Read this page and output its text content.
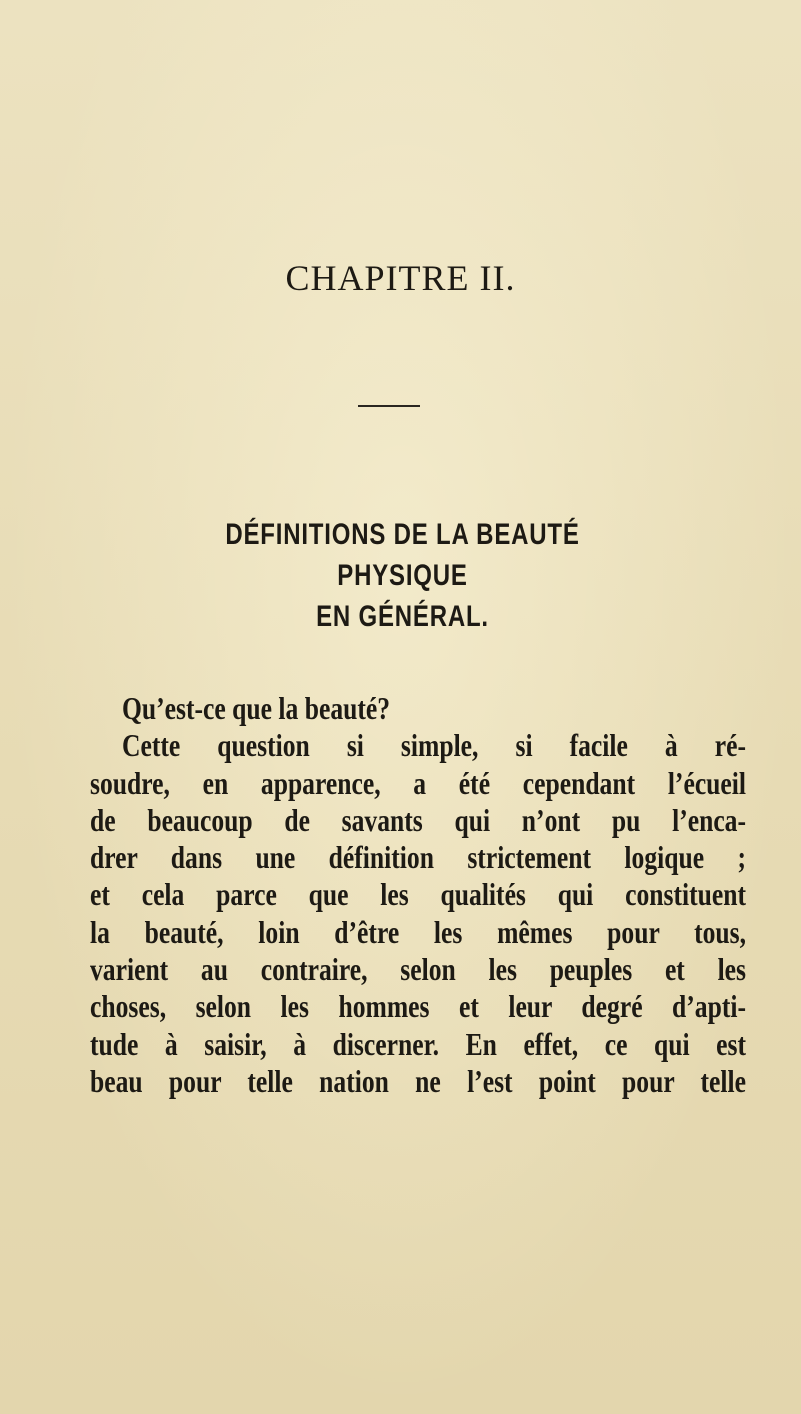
CHAPITRE II.
DÉFINITIONS DE LA BEAUTÉ PHYSIQUE
EN GÉNÉRAL.
Qu’est-ce que la beauté?
Cette question si simple, si facile à ré-
soudre, en apparence, a été cependant l’écueil
de beaucoup de savants qui n’ont pu l’enca-
drer dans une définition strictement logique ;
et cela parce que les qualités qui constituent
la beauté, loin d’être les mêmes pour tous,
varient au contraire, selon les peuples et les
choses, selon les hommes et leur degré d’apti-
tude à saisir, à discerner. En effet, ce qui est
beau pour telle nation ne l’est point pour telle
